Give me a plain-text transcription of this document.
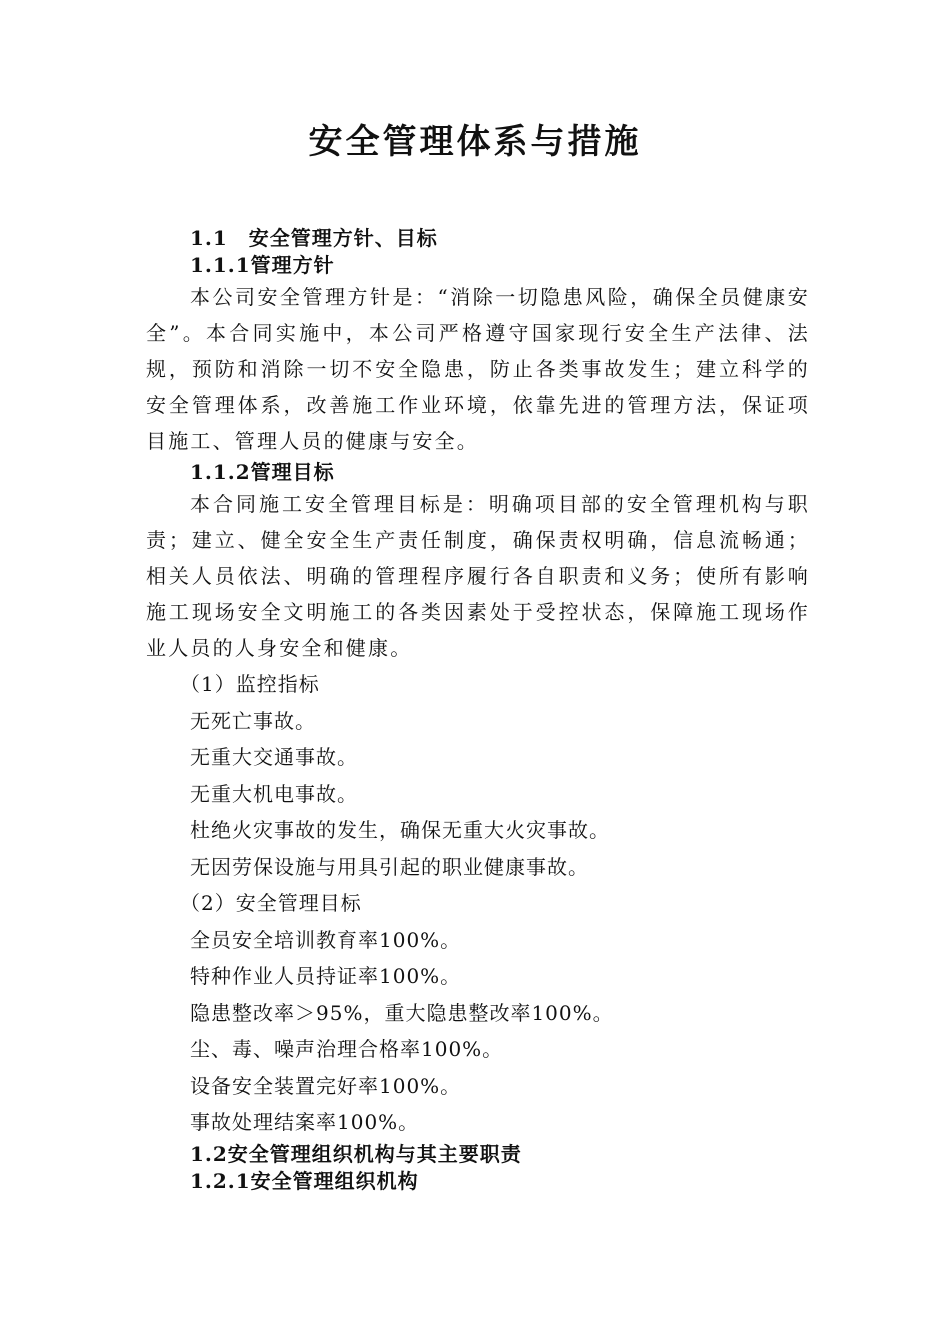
安全管理体系与措施

1.1　安全管理方针、目标

1.1.1管理方针

本公司安全管理方针是：“消除一切隐患风险，确保全员健康安全”。本合同实施中，本公司严格遵守国家现行安全生产法律、法规，预防和消除一切不安全隐患，防止各类事故发生；建立科学的安全管理体系，改善施工作业环境，依靠先进的管理方法，保证项目施工、管理人员的健康与安全。

1.1.2管理目标

本合同施工安全管理目标是：明确项目部的安全管理机构与职责；建立、健全安全生产责任制度，确保责权明确，信息流畅通；相关人员依法、明确的管理程序履行各自职责和义务；使所有影响施工现场安全文明施工的各类因素处于受控状态，保障施工现场作业人员的人身安全和健康。

（1）监控指标

无死亡事故。

无重大交通事故。

无重大机电事故。

杜绝火灾事故的发生，确保无重大火灾事故。

无因劳保设施与用具引起的职业健康事故。

（2）安全管理目标

全员安全培训教育率100%。

特种作业人员持证率100%。

隐患整改率＞95%，重大隐患整改率100%。

尘、毒、噪声治理合格率100%。

设备安全装置完好率100%。

事故处理结案率100%。

1.2安全管理组织机构与其主要职责

1.2.1安全管理组织机构
